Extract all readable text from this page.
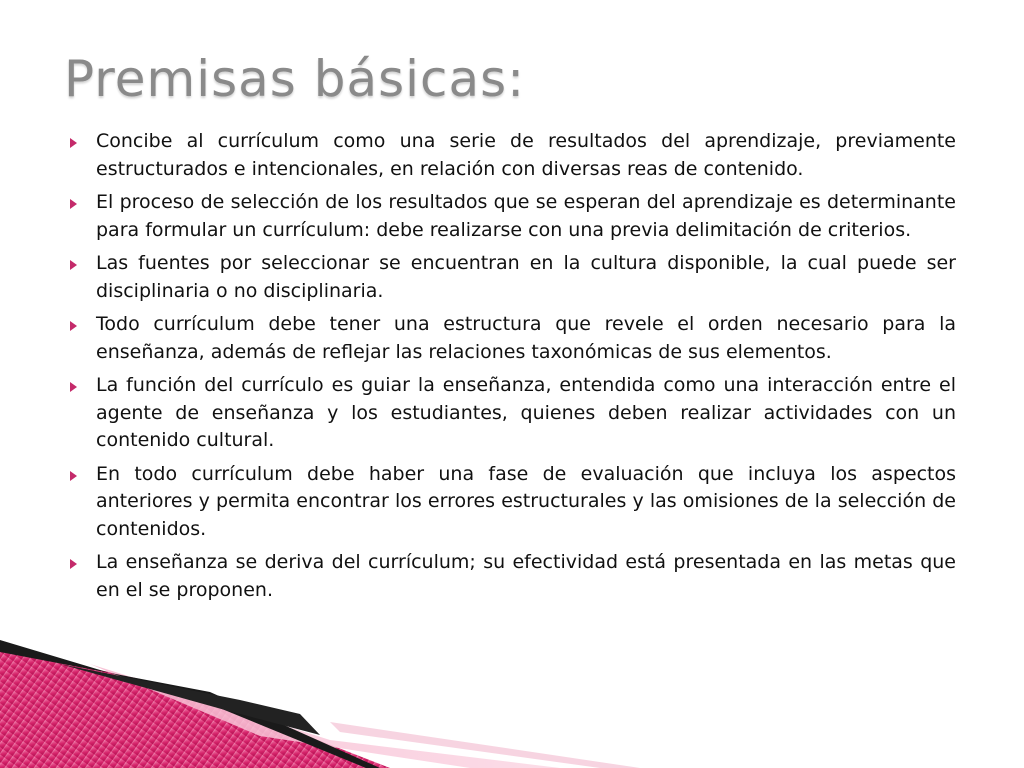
Premisas básicas:
Concibe al currículum como una serie de resultados del aprendizaje, previamente estructurados e intencionales, en relación con diversas reas de contenido.
El proceso de selección de los resultados que se esperan del aprendizaje es determinante para formular un currículum: debe realizarse con una previa delimitación de criterios.
Las fuentes por seleccionar se encuentran en la cultura disponible, la cual puede ser disciplinaria o no disciplinaria.
Todo currículum debe tener una estructura que revele el orden necesario para la enseñanza, además de reflejar las relaciones taxonómicas de sus elementos.
La función del currículo es guiar la enseñanza, entendida como una interacción entre el agente de enseñanza y los estudiantes, quienes deben realizar actividades con un contenido cultural.
En todo currículum debe haber una fase de evaluación que incluya los aspectos anteriores y permita encontrar los errores estructurales y las omisiones de la selección de contenidos.
La enseñanza se deriva del currículum; su efectividad está presentada en las metas que en el se proponen.
